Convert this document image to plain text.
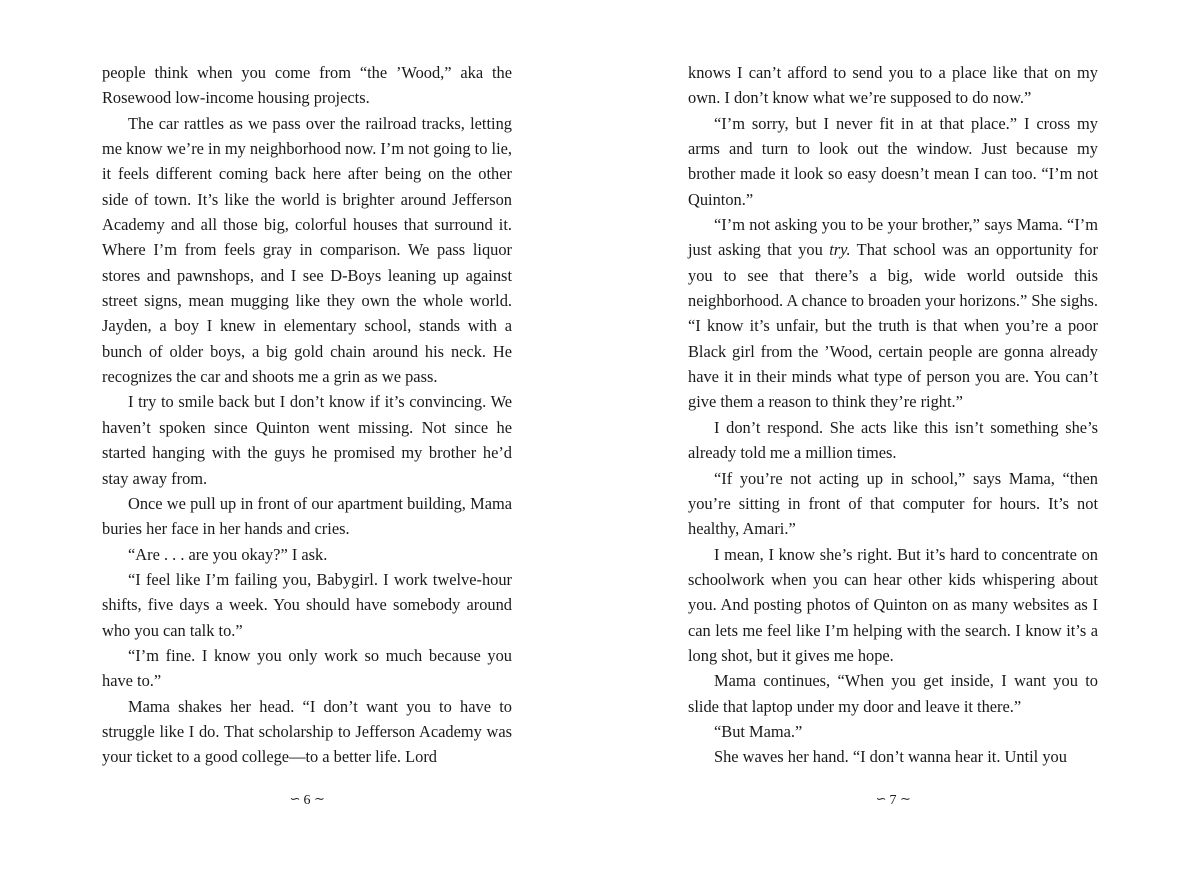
people think when you come from “the ’Wood,” aka the Rosewood low-income housing projects.

The car rattles as we pass over the railroad tracks, letting me know we’re in my neighborhood now. I’m not going to lie, it feels different coming back here after being on the other side of town. It’s like the world is brighter around Jefferson Academy and all those big, colorful houses that surround it. Where I’m from feels gray in comparison. We pass liquor stores and pawnshops, and I see D-Boys leaning up against street signs, mean mugging like they own the whole world. Jayden, a boy I knew in elementary school, stands with a bunch of older boys, a big gold chain around his neck. He recognizes the car and shoots me a grin as we pass.

I try to smile back but I don’t know if it’s convincing. We haven’t spoken since Quinton went missing. Not since he started hanging with the guys he promised my brother he’d stay away from.

Once we pull up in front of our apartment building, Mama buries her face in her hands and cries.

“Are . . . are you okay?” I ask.

“I feel like I’m failing you, Babygirl. I work twelve-hour shifts, five days a week. You should have somebody around who you can talk to.”

“I’m fine. I know you only work so much because you have to.”

Mama shakes her head. “I don’t want you to have to struggle like I do. That scholarship to Jefferson Academy was your ticket to a good college—to a better life. Lord

knows I can’t afford to send you to a place like that on my own. I don’t know what we’re supposed to do now.”

“I’m sorry, but I never fit in at that place.” I cross my arms and turn to look out the window. Just because my brother made it look so easy doesn’t mean I can too. “I’m not Quinton.”

“I’m not asking you to be your brother,” says Mama. “I’m just asking that you try. That school was an opportunity for you to see that there’s a big, wide world outside this neighborhood. A chance to broaden your horizons.” She sighs. “I know it’s unfair, but the truth is that when you’re a poor Black girl from the ’Wood, certain people are gonna already have it in their minds what type of person you are. You can’t give them a reason to think they’re right.”

I don’t respond. She acts like this isn’t something she’s already told me a million times.

“If you’re not acting up in school,” says Mama, “then you’re sitting in front of that computer for hours. It’s not healthy, Amari.”

I mean, I know she’s right. But it’s hard to concentrate on schoolwork when you can hear other kids whispering about you. And posting photos of Quinton on as many websites as I can lets me feel like I’m helping with the search. I know it’s a long shot, but it gives me hope.

Mama continues, “When you get inside, I want you to slide that laptop under my door and leave it there.”

“But Mama.”

She waves her hand. “I don’t wanna hear it. Until you

∽ 6 ∽	∽ 7 ∽
